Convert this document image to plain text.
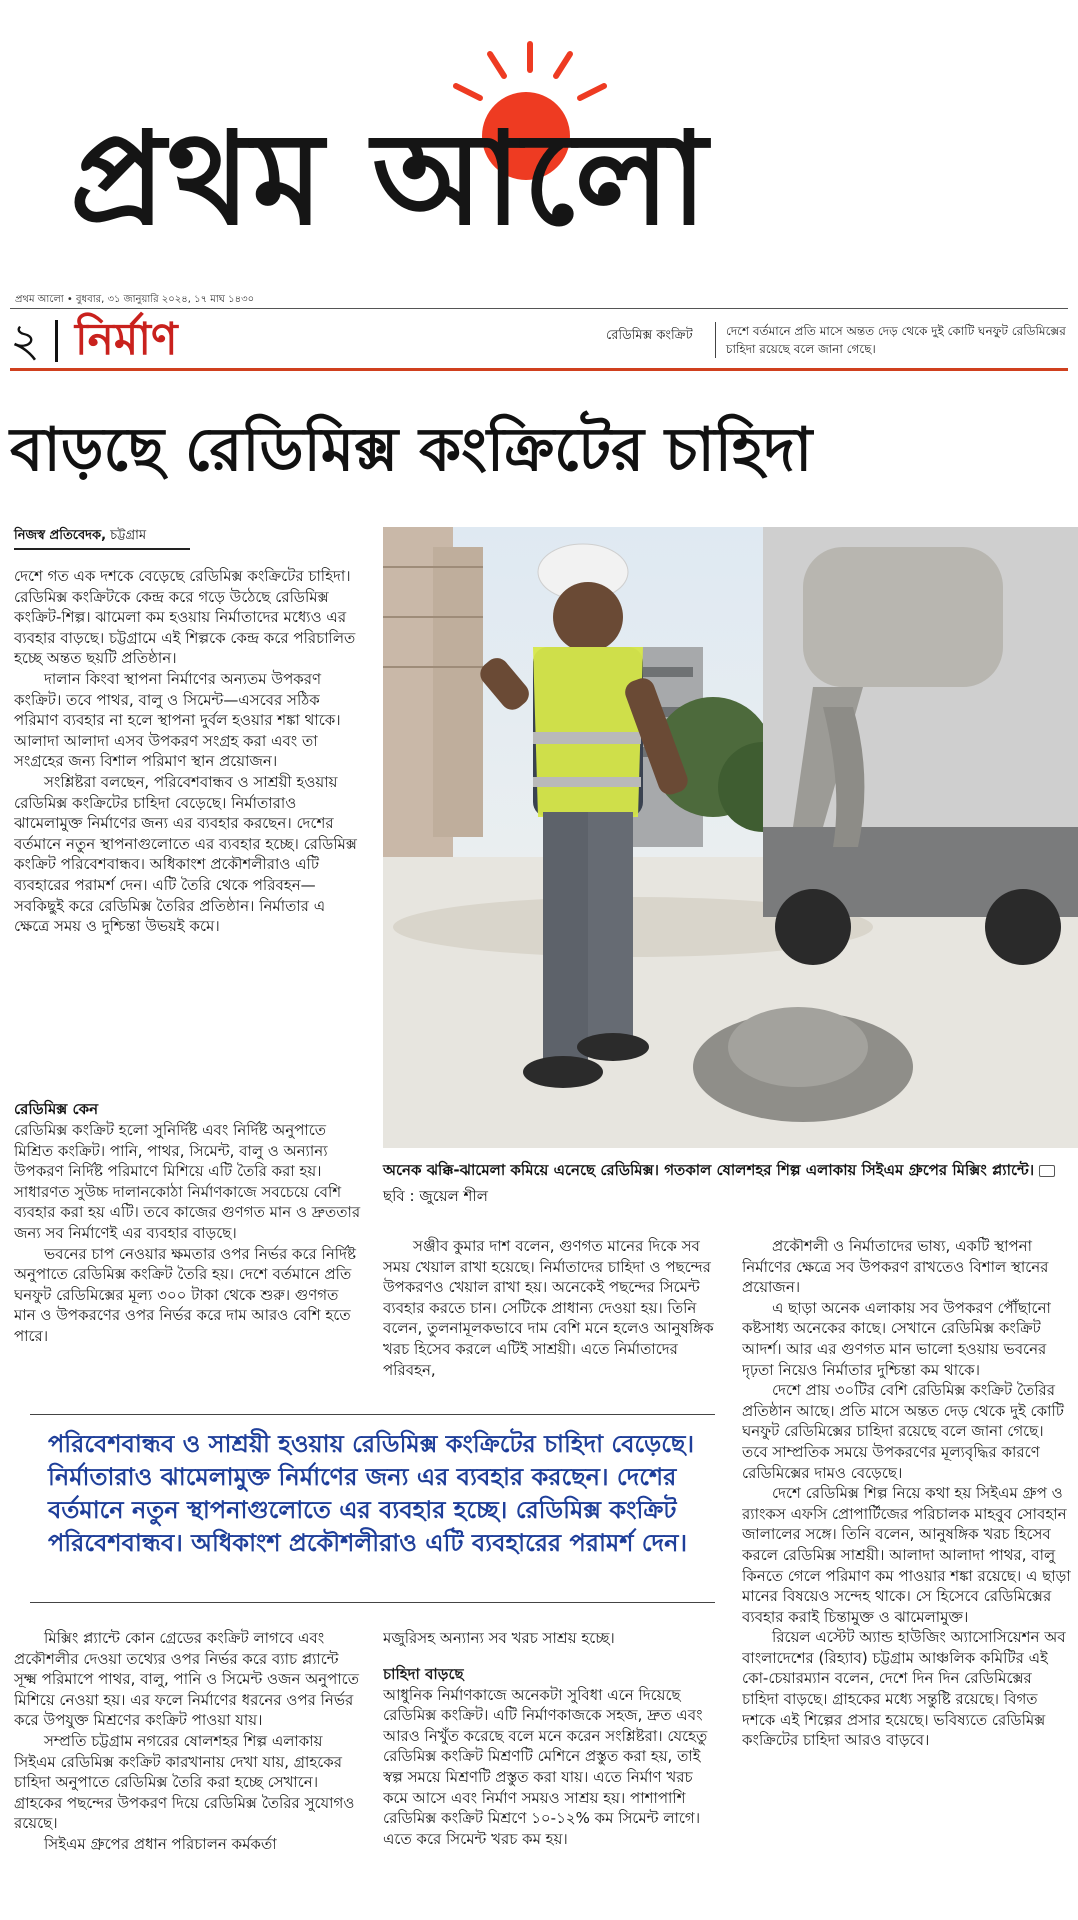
প্রথম আলো
প্রথম আলো • বুধবার, ৩১ জানুয়ারি ২০২৪, ১৭ মাঘ ১৪৩০
২ নির্মাণ	রেডিমিক্স কংক্রিট	দেশে বর্তমানে প্রতি মাসে অন্তত দেড় থেকে দুই কোটি ঘনফুট রেডিমিক্সের চাহিদা রয়েছে বলে জানা গেছে।
বাড়ছে রেডিমিক্স কংক্রিটের চাহিদা
নিজস্ব প্রতিবেদক, চট্টগ্রাম

দেশে গত এক দশকে বেড়েছে রেডিমিক্স কংক্রিটের চাহিদা। রেডিমিক্স কংক্রিটকে কেন্দ্র করে গড়ে উঠেছে রেডিমিক্স কংক্রিট-শিল্প। ঝামেলা কম হওয়ায় নির্মাতাদের মধ্যেও এর ব্যবহার বাড়ছে। চট্টগ্রামে এই শিল্পকে কেন্দ্র করে পরিচালিত হচ্ছে অন্তত ছয়টি প্রতিষ্ঠান।

দালান কিংবা স্থাপনা নির্মাণের অন্যতম উপকরণ কংক্রিট। তবে পাথর, বালু ও সিমেন্ট—এসবের সঠিক পরিমাণ ব্যবহার না হলে স্থাপনা দুর্বল হওয়ার শঙ্কা থাকে। আলাদা আলাদা এসব উপকরণ সংগ্রহ করা এবং তা সংগ্রহের জন্য বিশাল পরিমাণ স্থান প্রয়োজন।

সংশ্লিষ্টরা বলছেন, পরিবেশবান্ধব ও সাশ্রয়ী হওয়ায় রেডিমিক্স কংক্রিটের চাহিদা বেড়েছে। নির্মাতারাও ঝামেলামুক্ত নির্মাণের জন্য এর ব্যবহার করছেন। দেশের বর্তমানে নতুন স্থাপনাগুলোতে এর ব্যবহার হচ্ছে। রেডিমিক্স কংক্রিট পরিবেশবান্ধব। অধিকাংশ প্রকৌশলীরাও এটি ব্যবহারের পরামর্শ দেন। এটি তৈরি থেকে পরিবহন—সবকিছুই করে রেডিমিক্স তৈরির প্রতিষ্ঠান। নির্মাতার এ ক্ষেত্রে সময় ও দুশ্চিন্তা উভয়ই কমে।

রেডিমিক্স কেন

রেডিমিক্স কংক্রিট হলো সুনির্দিষ্ট এবং নির্দিষ্ট অনুপাতে মিশ্রিত কংক্রিট। পানি, পাথর, সিমেন্ট, বালু ও অন্যান্য উপকরণ নির্দিষ্ট পরিমাণে মিশিয়ে এটি তৈরি করা হয়। সাধারণত সুউচ্চ দালানকোঠা নির্মাণকাজে সবচেয়ে বেশি ব্যবহার করা হয় এটি। তবে কাজের গুণগত মান ও দ্রুততার জন্য সব নির্মাণেই এর ব্যবহার বাড়ছে।

ভবনের চাপ নেওয়ার ক্ষমতার ওপর নির্ভর করে নির্দিষ্ট অনুপাতে রেডিমিক্স কংক্রিট তৈরি হয়। দেশে বর্তমানে প্রতি ঘনফুট রেডিমিক্সের মূল্য ৩০০ টাকা থেকে শুরু। গুণগত মান ও উপকরণের ওপর নির্ভর করে দাম আরও বেশি হতে পারে।

অনেক ঝক্কি-ঝামেলা কমিয়ে এনেছে রেডিমিক্স। গতকাল ষোলশহর শিল্প এলাকায় সিইএম গ্রুপের মিক্সিং প্ল্যান্টে।  ছবি : জুয়েল শীল

সঞ্জীব কুমার দাশ বলেন, গুণগত মানের দিকে সব সময় খেয়াল রাখা হয়েছে। নির্মাতাদের চাহিদা ও পছন্দের উপকরণও খেয়াল রাখা হয়। অনেকেই পছন্দের সিমেন্ট ব্যবহার করতে চান। সেটিকে প্রাধান্য দেওয়া হয়। তিনি বলেন, তুলনামূলকভাবে দাম বেশি মনে হলেও আনুষঙ্গিক খরচ হিসেব করলে এটিই সাশ্রয়ী। এতে নির্মাতাদের পরিবহন,

প্রকৌশলী ও নির্মাতাদের ভাষ্য, একটি স্থাপনা নির্মাণের ক্ষেত্রে সব উপকরণ রাখতেও বিশাল স্থানের প্রয়োজন।

এ ছাড়া অনেক এলাকায় সব উপকরণ পৌঁছানো কষ্টসাধ্য অনেকের কাছে। সেখানে রেডিমিক্স কংক্রিট আদর্শ। আর এর গুণগত মান ভালো হওয়ায় ভবনের দৃঢ়তা নিয়েও নির্মাতার দুশ্চিন্তা কম থাকে।

দেশে প্রায় ৩০টির বেশি রেডিমিক্স কংক্রিট তৈরির প্রতিষ্ঠান আছে। প্রতি মাসে অন্তত দেড় থেকে দুই কোটি ঘনফুট রেডিমিক্সের চাহিদা রয়েছে বলে জানা গেছে। তবে সাম্প্রতিক সময়ে উপকরণের মূল্যবৃদ্ধির কারণে রেডিমিক্সের দামও বেড়েছে।

দেশে রেডিমিক্স শিল্প নিয়ে কথা হয় সিইএম গ্রুপ ও র‍্যাংকস এফসি প্রোপার্টিজের পরিচালক মাহবুব সোবহান জালালের সঙ্গে। তিনি বলেন, আনুষঙ্গিক খরচ হিসেব করলে রেডিমিক্স সাশ্রয়ী। আলাদা আলাদা পাথর, বালু কিনতে গেলে পরিমাণ কম পাওয়ার শঙ্কা রয়েছে। এ ছাড়া মানের বিষয়েও সন্দেহ থাকে। সে হিসেবে রেডিমিক্সের ব্যবহার করাই চিন্তামুক্ত ও ঝামেলামুক্ত।

রিয়েল এস্টেট অ্যান্ড হাউজিং অ্যাসোসিয়েশন অব বাংলাদেশের (রিহ্যাব) চট্টগ্রাম আঞ্চলিক কমিটির এই কো-চেয়ারম্যান বলেন, দেশে দিন দিন রেডিমিক্সের চাহিদা বাড়ছে। গ্রাহকের মধ্যে সন্তুষ্টি রয়েছে। বিগত দশকে এই শিল্পের প্রসার হয়েছে। ভবিষ্যতে রেডিমিক্স কংক্রিটের চাহিদা আরও বাড়বে।

পরিবেশবান্ধব ও সাশ্রয়ী হওয়ায় রেডিমিক্স কংক্রিটের চাহিদা বেড়েছে। নির্মাতারাও ঝামেলামুক্ত নির্মাণের জন্য এর ব্যবহার করছেন। দেশের বর্তমানে নতুন স্থাপনাগুলোতে এর ব্যবহার হচ্ছে। রেডিমিক্স কংক্রিট পরিবেশবান্ধব। অধিকাংশ প্রকৌশলীরাও এটি ব্যবহারের পরামর্শ দেন।

মিক্সিং প্ল্যান্টে কোন গ্রেডের কংক্রিট লাগবে এবং প্রকৌশলীর দেওয়া তথ্যের ওপর নির্ভর করে ব্যাচ প্ল্যান্টে সূক্ষ্ম পরিমাপে পাথর, বালু, পানি ও সিমেন্ট ওজন অনুপাতে মিশিয়ে নেওয়া হয়। এর ফলে নির্মাণের ধরনের ওপর নির্ভর করে উপযুক্ত মিশ্রণের কংক্রিট পাওয়া যায়।

সম্প্রতি চট্টগ্রাম নগরের ষোলশহর শিল্প এলাকায় সিইএম রেডিমিক্স কংক্রিট কারখানায় দেখা যায়, গ্রাহকের চাহিদা অনুপাতে রেডিমিক্স তৈরি করা হচ্ছে সেখানে। গ্রাহকের পছন্দের উপকরণ দিয়ে রেডিমিক্স তৈরির সুযোগও রয়েছে।

সিইএম গ্রুপের প্রধান পরিচালন কর্মকর্তা

মজুরিসহ অন্যান্য সব খরচ সাশ্রয় হচ্ছে।

চাহিদা বাড়ছে

আধুনিক নির্মাণকাজে অনেকটা সুবিধা এনে দিয়েছে রেডিমিক্স কংক্রিট। এটি নির্মাণকাজকে সহজ, দ্রুত এবং আরও নিখুঁত করেছে বলে মনে করেন সংশ্লিষ্টরা। যেহেতু রেডিমিক্স কংক্রিট মিশ্রণটি মেশিনে প্রস্তুত করা হয়, তাই স্বল্প সময়ে মিশ্রণটি প্রস্তুত করা যায়। এতে নির্মাণ খরচ কমে আসে এবং নির্মাণ সময়ও সাশ্রয় হয়। পাশাপাশি রেডিমিক্স কংক্রিট মিশ্রণে ১০-১২% কম সিমেন্ট লাগে। এতে করে সিমেন্ট খরচ কম হয়।
